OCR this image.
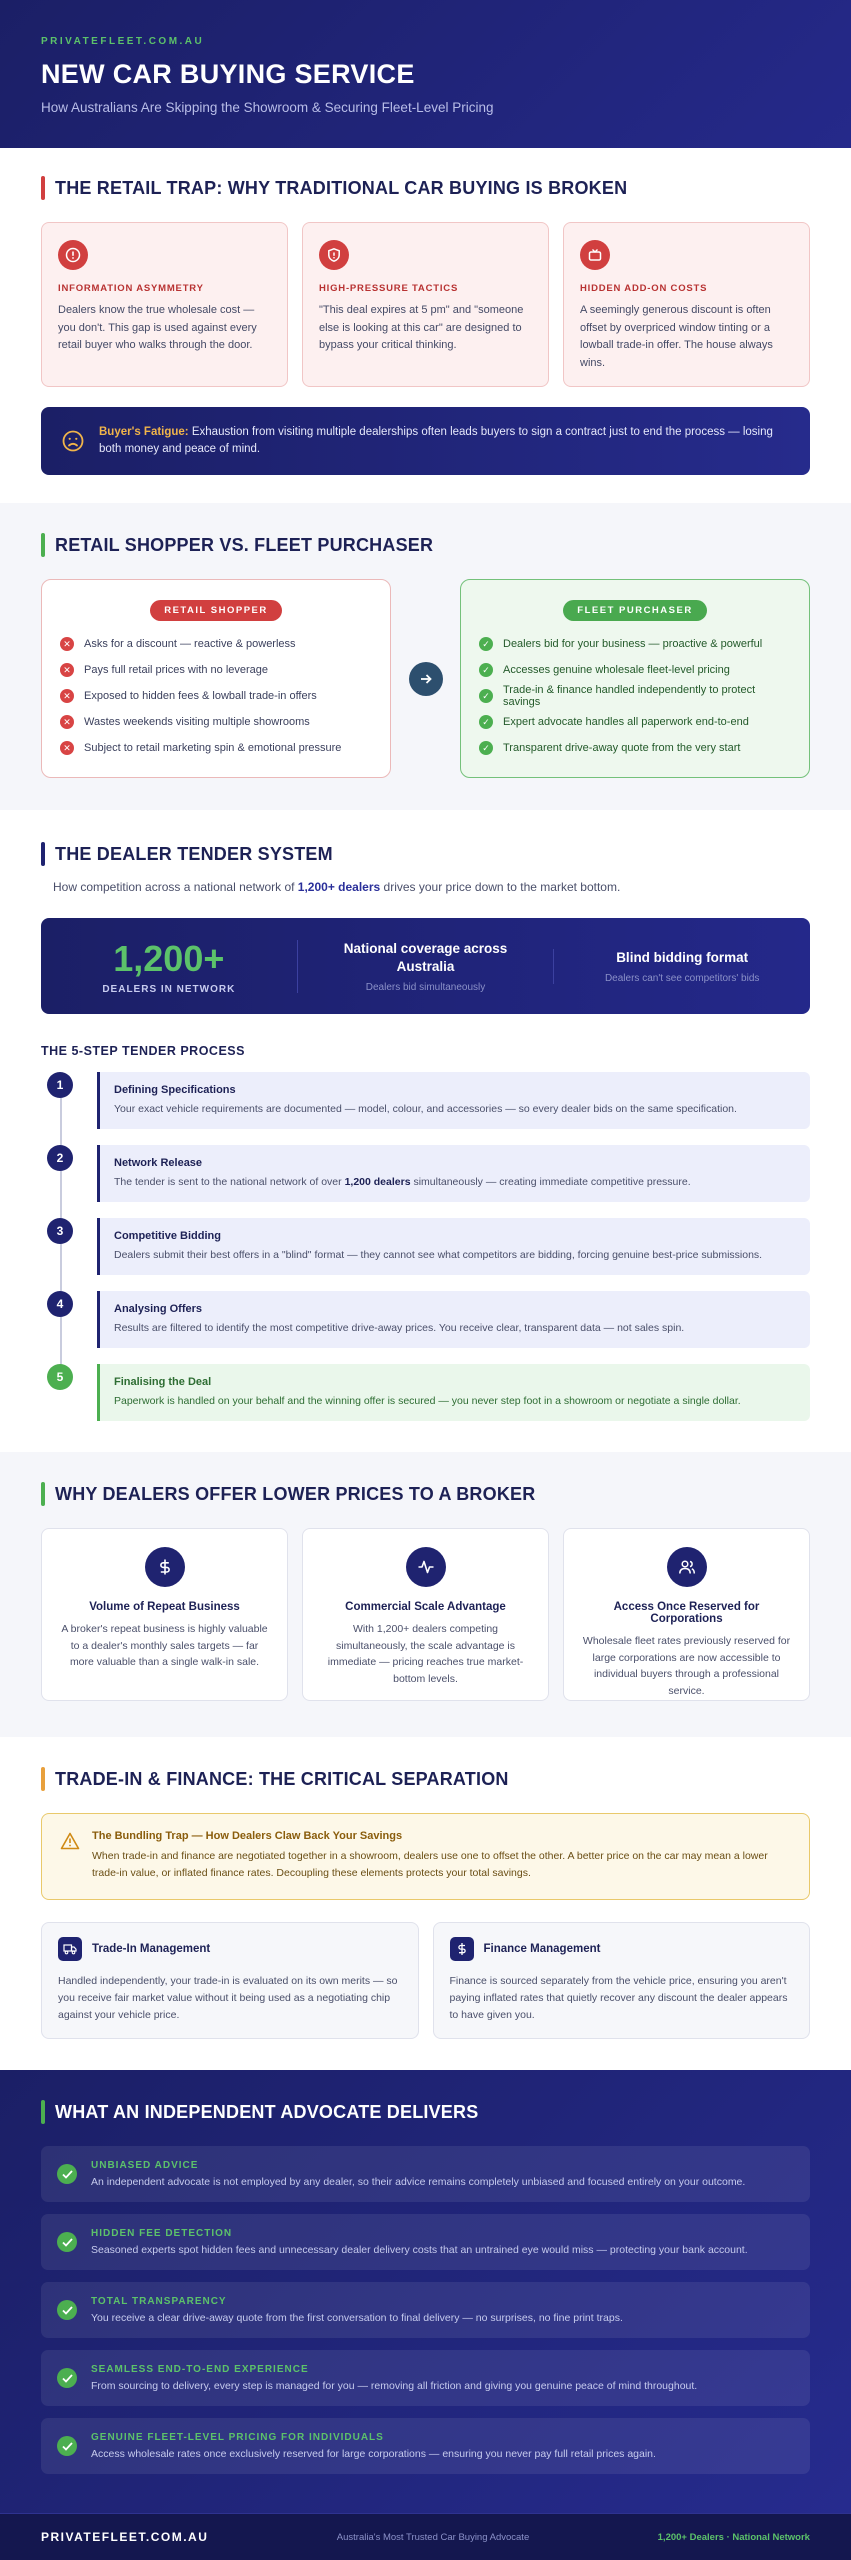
PRIVATEFLEET.COM.AU
NEW CAR BUYING SERVICE
How Australians Are Skipping the Showroom & Securing Fleet-Level Pricing
THE RETAIL TRAP: WHY TRADITIONAL CAR BUYING IS BROKEN
INFORMATION ASYMMETRY
Dealers know the true wholesale cost — you don't. This gap is used against every retail buyer who walks through the door.
HIGH-PRESSURE TACTICS
"This deal expires at 5 pm" and "someone else is looking at this car" are designed to bypass your critical thinking.
HIDDEN ADD-ON COSTS
A seemingly generous discount is often offset by overpriced window tinting or a lowball trade-in offer. The house always wins.
Buyer's Fatigue: Exhaustion from visiting multiple dealerships often leads buyers to sign a contract just to end the process — losing both money and peace of mind.
RETAIL SHOPPER VS. FLEET PURCHASER
RETAIL SHOPPER
✕ Asks for a discount — reactive & powerless
✕ Pays full retail prices with no leverage
✕ Exposed to hidden fees & lowball trade-in offers
✕ Wastes weekends visiting multiple showrooms
✕ Subject to retail marketing spin & emotional pressure
FLEET PURCHASER
✓ Dealers bid for your business — proactive & powerful
✓ Accesses genuine wholesale fleet-level pricing
✓ Trade-in & finance handled independently to protect savings
✓ Expert advocate handles all paperwork end-to-end
✓ Transparent drive-away quote from the very start
THE DEALER TENDER SYSTEM
How competition across a national network of 1,200+ dealers drives your price down to the market bottom.
1,200+
DEALERS IN NETWORK
National coverage across Australia
Dealers bid simultaneously
Blind bidding format
Dealers can't see competitors' bids
THE 5-STEP TENDER PROCESS
1	Defining Specifications
Your exact vehicle requirements are documented — model, colour, and accessories — so every dealer bids on the same specification.
2	Network Release
The tender is sent to the national network of over 1,200 dealers simultaneously — creating immediate competitive pressure.
3	Competitive Bidding
Dealers submit their best offers in a "blind" format — they cannot see what competitors are bidding, forcing genuine best-price submissions.
4	Analysing Offers
Results are filtered to identify the most competitive drive-away prices. You receive clear, transparent data — not sales spin.
5	Finalising the Deal
Paperwork is handled on your behalf and the winning offer is secured — you never step foot in a showroom or negotiate a single dollar.
WHY DEALERS OFFER LOWER PRICES TO A BROKER
Volume of Repeat Business
A broker's repeat business is highly valuable to a dealer's monthly sales targets — far more valuable than a single walk-in sale.
Commercial Scale Advantage
With 1,200+ dealers competing simultaneously, the scale advantage is immediate — pricing reaches true market-bottom levels.
Access Once Reserved for Corporations
Wholesale fleet rates previously reserved for large corporations are now accessible to individual buyers through a professional service.
TRADE-IN & FINANCE: THE CRITICAL SEPARATION
The Bundling Trap — How Dealers Claw Back Your Savings
When trade-in and finance are negotiated together in a showroom, dealers use one to offset the other. A better price on the car may mean a lower trade-in value, or inflated finance rates. Decoupling these elements protects your total savings.
Trade-In Management
Handled independently, your trade-in is evaluated on its own merits — so you receive fair market value without it being used as a negotiating chip against your vehicle price.
Finance Management
Finance is sourced separately from the vehicle price, ensuring you aren't paying inflated rates that quietly recover any discount the dealer appears to have given you.
WHAT AN INDEPENDENT ADVOCATE DELIVERS
UNBIASED ADVICE
An independent advocate is not employed by any dealer, so their advice remains completely unbiased and focused entirely on your outcome.
HIDDEN FEE DETECTION
Seasoned experts spot hidden fees and unnecessary dealer delivery costs that an untrained eye would miss — protecting your bank account.
TOTAL TRANSPARENCY
You receive a clear drive-away quote from the first conversation to final delivery — no surprises, no fine print traps.
SEAMLESS END-TO-END EXPERIENCE
From sourcing to delivery, every step is managed for you — removing all friction and giving you genuine peace of mind throughout.
GENUINE FLEET-LEVEL PRICING FOR INDIVIDUALS
Access wholesale rates once exclusively reserved for large corporations — ensuring you never pay full retail prices again.
PRIVATEFLEET.COM.AU	Australia's Most Trusted Car Buying Advocate	1,200+ Dealers · National Network
